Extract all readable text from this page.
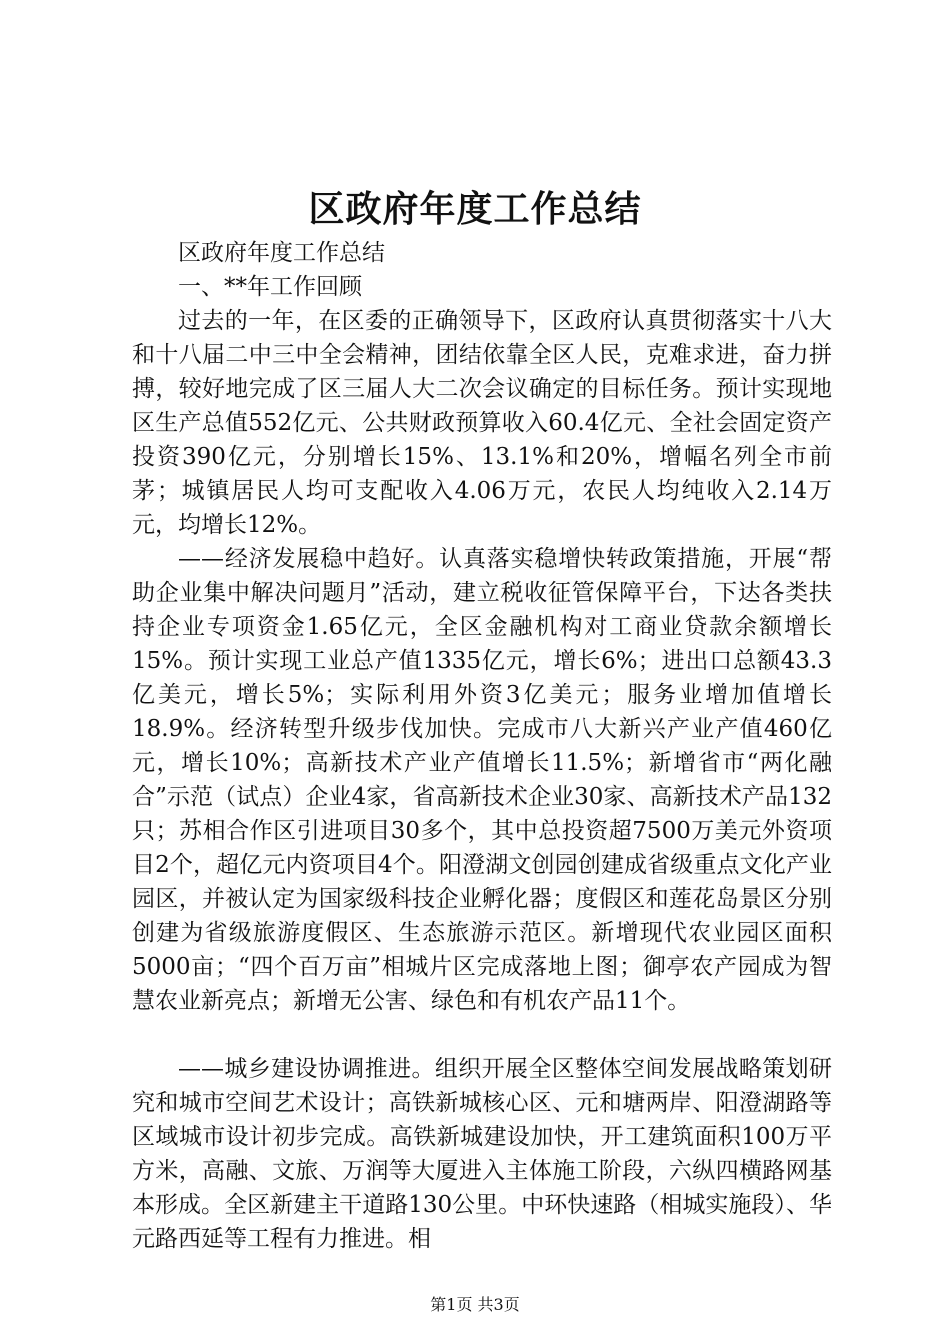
区政府年度工作总结

区政府年度工作总结

一、**年工作回顾

过去的一年，在区委的正确领导下，区政府认真贯彻落实十八大和十八届二中三中全会精神，团结依靠全区人民，克难求进，奋力拼搏，较好地完成了区三届人大二次会议确定的目标任务。预计实现地区生产总值552亿元、公共财政预算收入60.4亿元、全社会固定资产投资390亿元，分别增长15%、13.1%和20%，增幅名列全市前茅；城镇居民人均可支配收入4.06万元，农民人均纯收入2.14万元，均增长12%。

——经济发展稳中趋好。认真落实稳增快转政策措施，开展“帮助企业集中解决问题月”活动，建立税收征管保障平台，下达各类扶持企业专项资金1.65亿元，全区金融机构对工商业贷款余额增长15%。预计实现工业总产值1335亿元，增长6%；进出口总额43.3亿美元，增长5%；实际利用外资3亿美元；服务业增加值增长18.9%。经济转型升级步伐加快。完成市八大新兴产业产值460亿元，增长10%；高新技术产业产值增长11.5%；新增省市“两化融合”示范（试点）企业4家，省高新技术企业30家、高新技术产品132只；苏相合作区引进项目30多个，其中总投资超7500万美元外资项目2个，超亿元内资项目4个。阳澄湖文创园创建成省级重点文化产业园区，并被认定为国家级科技企业孵化器；度假区和莲花岛景区分别创建为省级旅游度假区、生态旅游示范区。新增现代农业园区面积5000亩；“四个百万亩”相城片区完成落地上图；御亭农产园成为智慧农业新亮点；新增无公害、绿色和有机农产品11个。

——城乡建设协调推进。组织开展全区整体空间发展战略策划研究和城市空间艺术设计；高铁新城核心区、元和塘两岸、阳澄湖路等区域城市设计初步完成。高铁新城建设加快，开工建筑面积100万平方米，高融、文旅、万润等大厦进入主体施工阶段，六纵四横路网基本形成。全区新建主干道路130公里。中环快速路（相城实施段）、华元路西延等工程有力推进。相

第1页 共3页
